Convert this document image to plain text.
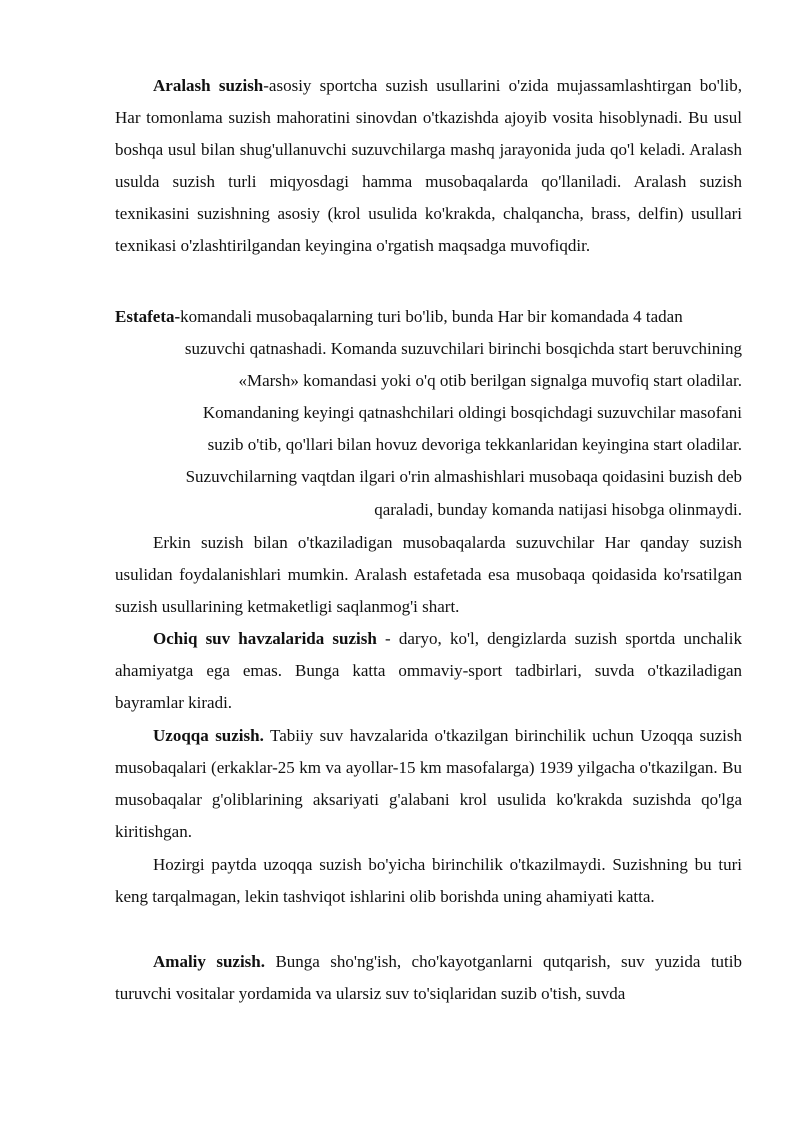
Aralash suzish-asosiy sportcha suzish usullarini o'zida mujassamlashtirgan bo'lib, Har tomonlama suzish mahoratini sinovdan o'tkazishda ajoyib vosita hisoblynadi. Bu usul boshqa usul bilan shug'ullanuvchi suzuvchilarga mashq jarayonida juda qo'l keladi. Aralash usulda suzish turli miqyosdagi hamma musobaqalarda qo'llaniladi. Aralash suzish texnikasini suzishning asosiy (krol usulida ko'krakda, chalqancha, brass, delfin) usullari texnikasi o'zlashtirilgandan keyingina o'rgatish maqsadga muvofiqdir.

Estafeta-komandali musobaqalarning turi bo'lib, bunda Har bir komandada 4 tadan
suzuvchi qatnashadi. Komanda suzuvchilari birinchi bosqichda start beruvchining
«Marsh» komandasi yoki o'q otib berilgan signalga muvofiq start oladilar.
Komandaning keyingi qatnashchilari oldingi bosqichdagi suzuvchilar masofani
suzib o'tib, qo'llari bilan hovuz devoriga tekkanlaridan keyingina start oladilar.
Suzuvchilarning vaqtdan ilgari o'rin almashishlari musobaqa qoidasini buzish deb
qaraladi, bunday komanda natijasi hisobga olinmaydi.

Erkin suzish bilan o'tkaziladigan musobaqalarda suzuvchilar Har qanday suzish usulidan foydalanishlari mumkin. Aralash estafetada esa musobaqa qoidasida ko'rsatilgan suzish usullarining ketmaketligi saqlanmog'i shart.

Ochiq suv havzalarida suzish - daryo, ko'l, dengizlarda suzish sportda unchalik ahamiyatga ega emas. Bunga katta ommaviy-sport tadbirlari, suvda o'tkaziladigan bayramlar kiradi.

Uzoqqa suzish. Tabiiy suv havzalarida o'tkazilgan birinchilik uchun Uzoqqa suzish musobaqalari (erkaklar-25 km va ayollar-15 km masofalarga) 1939 yilgacha o'tkazilgan. Bu musobaqalar g'oliblarining aksariyati g'alabani krol usulida ko'krakda suzishda qo'lga kiritishgan.

Hozirgi paytda uzoqqa suzish bo'yicha birinchilik o'tkazilmaydi. Suzishning bu turi keng tarqalmagan, lekin tashviqot ishlarini olib borishda uning ahamiyati katta.

Amaliy suzish. Bunga sho'ng'ish, cho'kayotganlarni qutqarish, suv yuzida tutib turuvchi vositalar yordamida va ularsiz suv to'siqlaridan suzib o'tish, suvda
